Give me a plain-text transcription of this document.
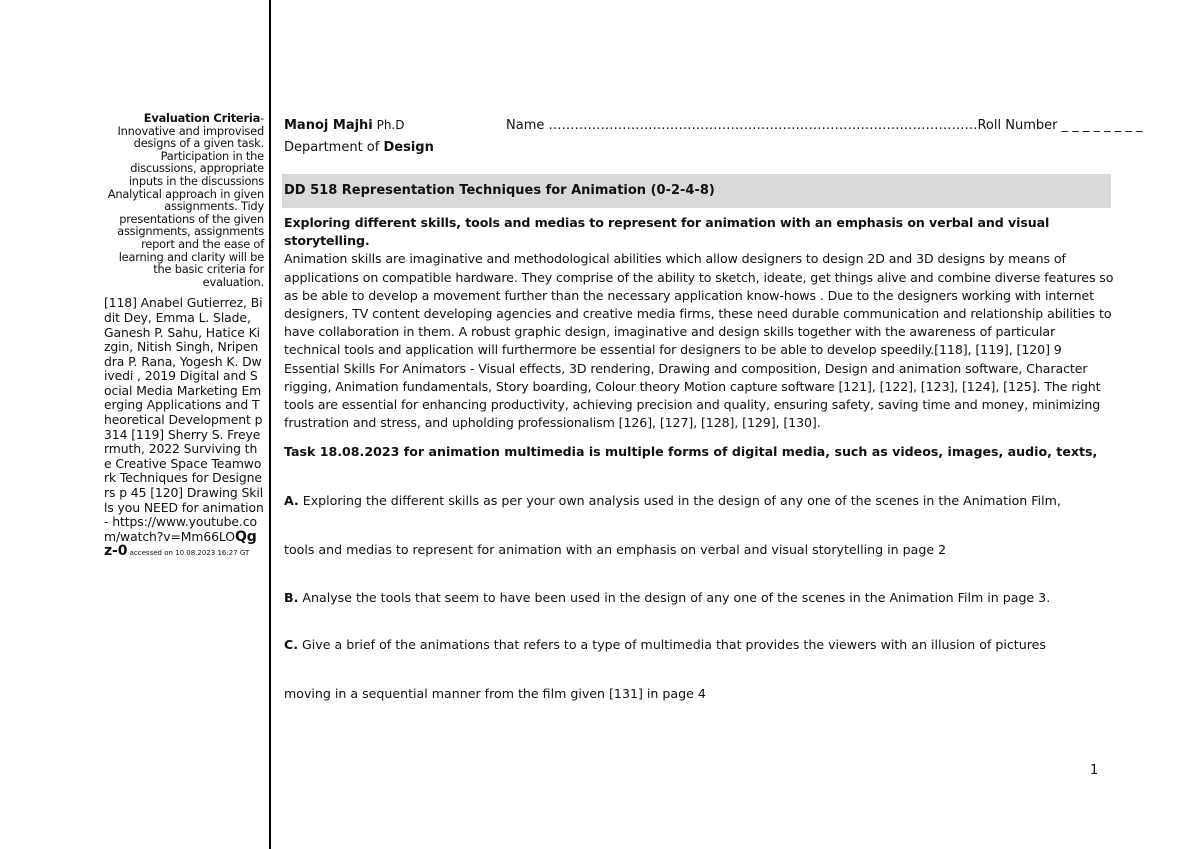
Evaluation Criteria- Innovative and improvised designs of a given task. Participation in the discussions, appropriate inputs in the discussions Analytical approach in given assignments. Tidy presentations of the given assignments, assignments report and the ease of learning and clarity will be the basic criteria for evaluation.
[118] Anabel Gutierrez, Bidit Dey, Emma L. Slade, Ganesh P. Sahu, Hatice Kizgin, Nitish Singh, Nripendra P. Rana, Yogesh K. Dwivedi , 2019 Digital and Social Media Marketing Emerging Applications and Theoretical Development p 314 [119] Sherry S. Freyermuth, 2022 Surviving the Creative Space Teamwork Techniques for Designers p 45 [120] Drawing Skills you NEED for animation - https://www.youtube.com/watch?v=Mm66LOQgz-0 accessed on 10.08.2023 16:27 GT
Manoj Majhi Ph.D
Department of Design
Name ………………………………………………………………………………………Roll Number _ _ _ _ _ _ _ _
DD 518 Representation Techniques for Animation (0-2-4-8)
Exploring different skills, tools and medias to represent for animation with an emphasis on verbal and visual storytelling.
Animation skills are imaginative and methodological abilities which allow designers to design 2D and 3D designs by means of applications on compatible hardware. They comprise of the ability to sketch, ideate, get things alive and combine diverse features so as be able to develop a movement further than the necessary application know-hows . Due to the designers working with internet designers, TV content developing agencies and creative media firms, these need durable communication and relationship abilities to have collaboration in them. A robust graphic design, imaginative and design skills together with the awareness of particular technical tools and application will furthermore be essential for designers to be able to develop speedily.[118], [119], [120] 9 Essential Skills For Animators - Visual effects, 3D rendering, Drawing and composition, Design and animation software, Character rigging, Animation fundamentals, Story boarding, Colour theory Motion capture software [121], [122], [123], [124], [125]. The right tools are essential for enhancing productivity, achieving precision and quality, ensuring safety, saving time and money, minimizing frustration and stress, and upholding professionalism [126], [127], [128], [129], [130].
Task 18.08.2023 for animation multimedia is multiple forms of digital media, such as videos, images, audio, texts,
A. Exploring the different skills as per your own analysis used in the design of any one of the scenes in the Animation Film,
tools and medias to represent for animation with an emphasis on verbal and visual storytelling in page 2
B. Analyse the tools that seem to have been used in the design of any one of the scenes in the Animation Film in page 3.
C. Give a brief of the animations that refers to a type of multimedia that provides the viewers with an illusion of pictures
moving in a sequential manner from the film given [131] in page 4
1
